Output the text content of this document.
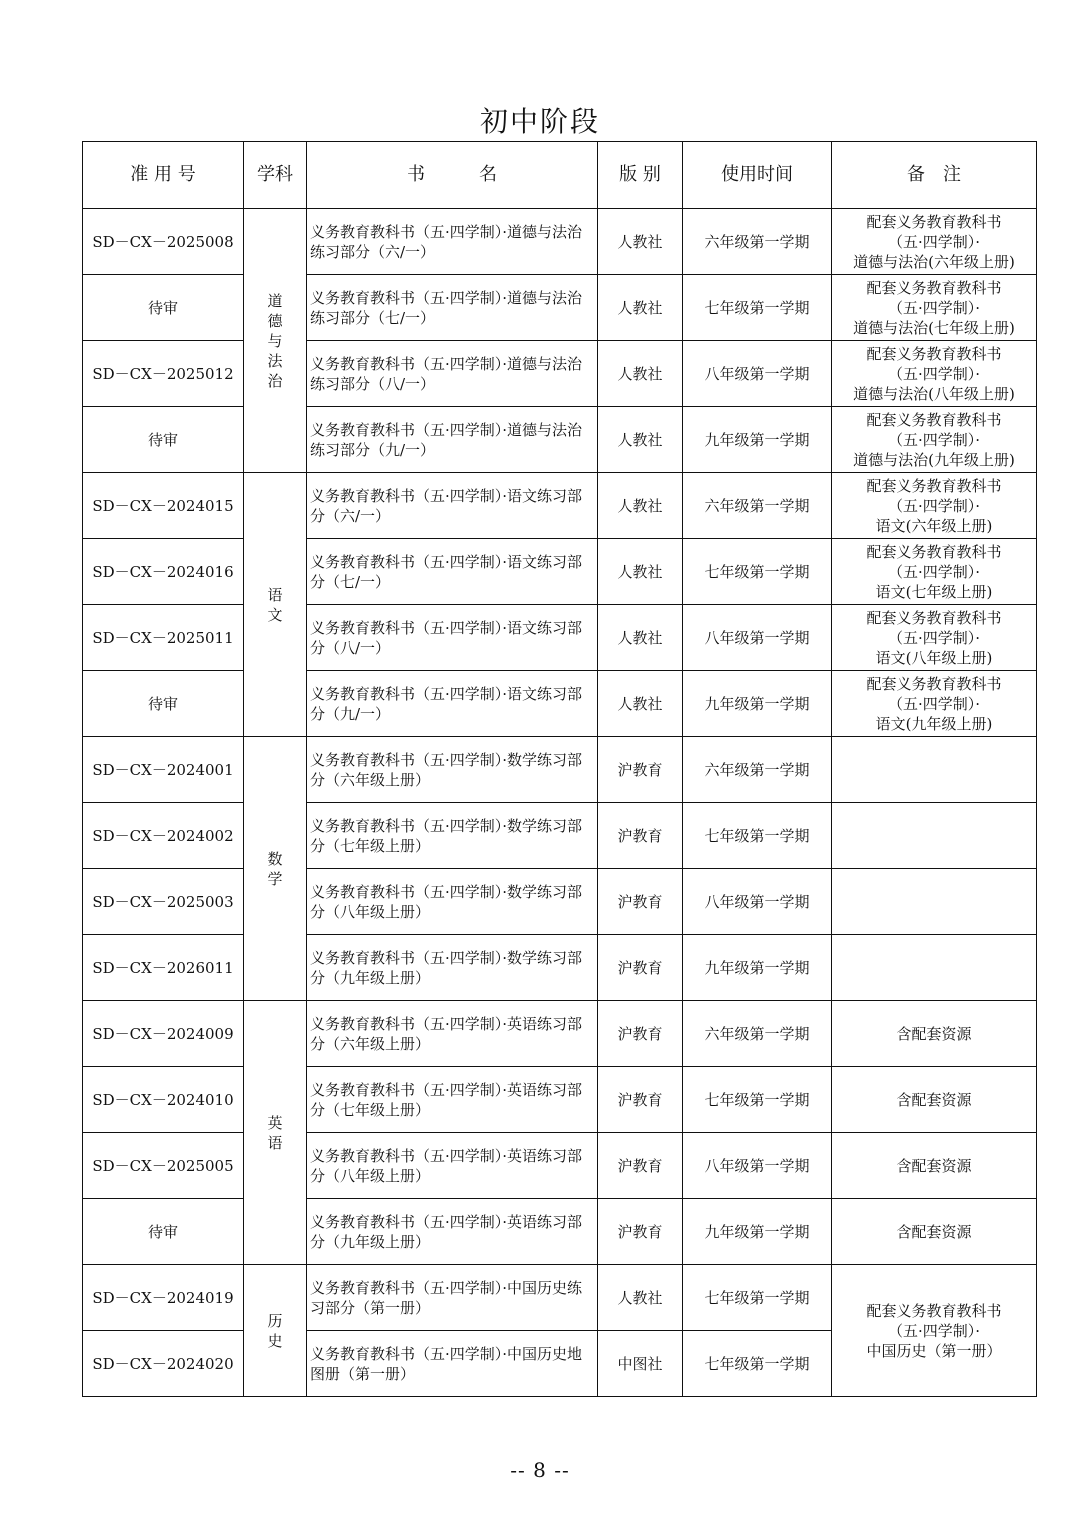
初中阶段
准 用 号	学科	书　　　名	版 别	使用时间	备　注
SD－CX－2025008	道德与法治	义务教育教科书（五·四学制）·道德与法治练习部分（六/一）	人教社	六年级第一学期	配套义务教育教科书
（五·四学制）·
道德与法治(六年级上册)

待审		义务教育教科书（五·四学制）·道德与法治练习部分（七/一）	人教社	七年级第一学期	配套义务教育教科书
（五·四学制）·
道德与法治(七年级上册)

SD－CX－2025012		义务教育教科书（五·四学制）·道德与法治练习部分（八/一）	人教社	八年级第一学期	配套义务教育教科书
（五·四学制）·
道德与法治(八年级上册)

待审		义务教育教科书（五·四学制）·道德与法治练习部分（九/一）	人教社	九年级第一学期	配套义务教育教科书
（五·四学制）·
道德与法治(九年级上册)

SD－CX－2024015	语文	义务教育教科书（五·四学制）·语文练习部分（六/一）	人教社	六年级第一学期	配套义务教育教科书
（五·四学制）·
语文(六年级上册)

SD－CX－2024016		义务教育教科书（五·四学制）·语文练习部分（七/一）	人教社	七年级第一学期	配套义务教育教科书
（五·四学制）·
语文(七年级上册)

SD－CX－2025011		义务教育教科书（五·四学制）·语文练习部分（八/一）	人教社	八年级第一学期	配套义务教育教科书
（五·四学制）·
语文(八年级上册)

待审		义务教育教科书（五·四学制）·语文练习部分（九/一）	人教社	九年级第一学期	配套义务教育教科书
（五·四学制）·
语文(九年级上册)

SD－CX－2024001	数学	义务教育教科书（五·四学制）·数学练习部分（六年级上册）	沪教育	六年级第一学期	
SD－CX－2024002		义务教育教科书（五·四学制）·数学练习部分（七年级上册）	沪教育	七年级第一学期	
SD－CX－2025003		义务教育教科书（五·四学制）·数学练习部分（八年级上册）	沪教育	八年级第一学期	
SD－CX－2026011		义务教育教科书（五·四学制）·数学练习部分（九年级上册）	沪教育	九年级第一学期	
SD－CX－2024009	英语	义务教育教科书（五·四学制）·英语练习部分（六年级上册）	沪教育	六年级第一学期	含配套资源

SD－CX－2024010		义务教育教科书（五·四学制）·英语练习部分（七年级上册）	沪教育	七年级第一学期	含配套资源

SD－CX－2025005		义务教育教科书（五·四学制）·英语练习部分（八年级上册）	沪教育	八年级第一学期	含配套资源

待审		义务教育教科书（五·四学制）·英语练习部分（九年级上册）	沪教育	九年级第一学期	含配套资源

SD－CX－2024019	历史	义务教育教科书（五·四学制）·中国历史练习部分（第一册）	人教社	七年级第一学期	配套义务教育教科书
（五·四学制）·
中国历史（第一册）

SD－CX－2024020		义务教育教科书（五·四学制）·中国历史地图册（第一册）	中图社	七年级第一学期	
-- 8 --
